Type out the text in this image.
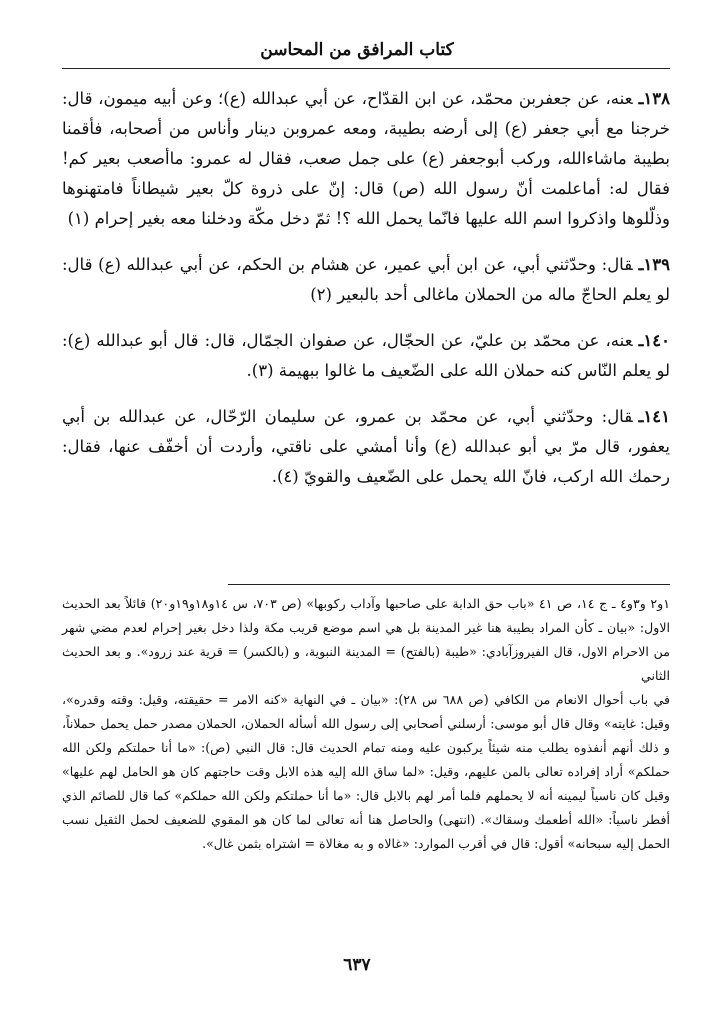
كتاب المرافق من المحاسن

١٣٨ـعنه، عن جعفربن محمّد، عن ابن القدّاح، عن أبي عبدالله (ع)؛ وعن أبيه ميمون، قال: خرجنا مع أبي جعفر (ع) إلى أرضه بطيبة، ومعه عمروبن دينار وأناس من أصحابه، فأقمنا بطيبة ماشاءالله، وركب أبوجعفر (ع) على جمل صعب، فقال له عمرو: ماأصعب بعير كم! فقال له: أماعلمت أنّ رسول الله (ص) قال: إنّ على ذروة كلّ بعير شيطاناً فامتهنوها وذلّلوها واذكروا اسم الله عليها فانّما يحمل الله ؟! ثمّ دخل مكّة ودخلنا معه بغير إحرام (١)

١٣٩ـقال: وحدّثني أبي، عن ابن أبي عمير، عن هشام بن الحكم، عن أبي عبدالله (ع) قال: لو يعلم الحاجّ ماله من الحملان ماغالى أحد بالبعير (٢)

١٤٠ـعنه، عن محمّد بن عليّ، عن الحجّال، عن صفوان الجمّال، قال: قال أبو عبدالله (ع): لو يعلم النّاس كنه حملان الله على الضّعيف ما غالوا ببهيمة (٣).

١٤١ـقال: وحدّثني أبي، عن محمّد بن عمرو، عن سليمان الرّحّال، عن عبدالله بن أبي يعفور، قال مرّ بي أبو عبدالله (ع) وأنا أمشي على ناقتي، وأردت أن أخفّف عنها، فقال: رحمك الله اركب، فانّ الله يحمل على الضّعيف والقويّ (٤).

١و٢ و٣و٤ ـ ج ١٤، ص ٤١ «باب حق الدابة على صاحبها وآداب ركوبها» (ص ٧٠٣، س ١٤و١٨و١٩و٢٠) قائلاً بعد الحديث الاول: «بيان ـ كأن المراد بطيبة هنا غير المدينة بل هي اسم موضع قريب مكة ولذا دخل بغير إحرام لعدم مضي شهر من الاحرام الاول، قال الفيروزآبادي: «طيبة (بالفتح) = المدينة النبوية، و (بالكسر) = قرية عند زرود». و بعد الحديث الثاني

في باب أحوال الانعام من الكافي (ص ٦٨٨ س ٢٨): «بيان ـ في النهاية «كنه الامر = حقيقته، وقيل: وقته وقدره»، وقيل: غايته» وقال قال أبو موسى: أرسلني أصحابي إلى رسول الله أسأله الحملان، الحملان مصدر حمل يحمل حملاناً، و ذلك أنهم أنفذوه يطلب منه شيئاً يركبون عليه ومنه تمام الحديث قال: قال النبي (ص): «ما أنا حملتكم ولكن الله حملكم» أراد إفراده تعالى بالمن عليهم، وقيل: «لما ساق الله إليه هذه الابل وقت حاجتهم كان هو الحامل لهم عليها» وقيل كان ناسياً ليمينه أنه لا يحملهم فلما أمر لهم بالابل قال: «ما أنا حملتكم ولكن الله حملكم» كما قال للصائم الذي أفطر ناسياً: «الله أطعمك وسقاك». (انتهى) والحاصل هنا أنه تعالى لما كان هو المقوي للضعيف لحمل الثقيل نسب الحمل إليه سبحانه» أقول: قال في أقرب الموارد: «غالاه و به مغالاة = اشتراه بثمن غال».

٦٣٧
